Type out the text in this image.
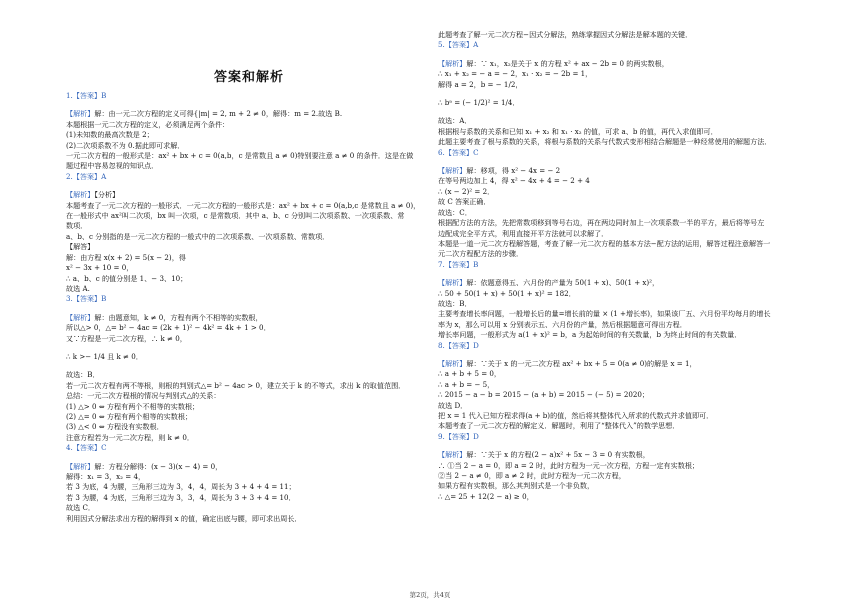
答案和解析
1.【答案】B
【解析】解：由一元二次方程的定义可得{|m| = 2, m + 2 ≠ 0，解得：m = 2.故选 B.
本题根据一元二次方程的定义，必须满足两个条件：
(1)未知数的最高次数是 2；
(2)二次项系数不为 0.据此即可求解．
一元二次方程的一般形式是：ax² + bx + c = 0(a,b，c 是常数且 a ≠ 0)特别要注意 a ≠ 0 的条件．这是在做
题过程中容易忽视的知识点．
2.【答案】A
【解析】【分析】
本题考查了一元二次方程的一般形式．一元二次方程的一般形式是：ax² + bx + c = 0(a,b,c 是常数且 a ≠ 0)，
在一般形式中 ax²叫二次项，bx 叫一次项，c 是常数项．其中 a、b、c 分别叫二次项系数、一次项系数、常
数项．
a、b、c 分别指的是一元二次方程的一般式中的二次项系数、一次项系数、常数项．
【解答】
解：由方程 x(x + 2) = 5(x − 2)，得
x² − 3x + 10 = 0，
∴ a、b、c 的值分别是 1、− 3、10；
故选 A.
3.【答案】B
【解析】解：由题意知，k ≠ 0，方程有两个不相等的实数根，
所以△> 0，△= b² − 4ac = (2k + 1)² − 4k² = 4k + 1 > 0．
又∵方程是一元二次方程，∴ k ≠ 0，
∴ k >− 1/4 且 k ≠ 0．
故选：B．
若一元二次方程有两不等根，则根的判别式△= b² − 4ac > 0，建立关于 k 的不等式，求出 k 的取值范围．
总结：一元二次方程根的情况与判别式△的关系：
(1) △> 0 ⇔ 方程有两个不相等的实数根；
(2) △= 0 ⇔ 方程有两个相等的实数根；
(3) △< 0 ⇔ 方程没有实数根．
注意方程若为一元二次方程，则 k ≠ 0．
4.【答案】C
【解析】解：方程分解得：(x − 3)(x − 4) = 0，
解得：x₁ = 3，x₂ = 4，
若 3 为底，4 为腰，三角形三边为 3，4，4，周长为 3 + 4 + 4 = 11；
若 3 为腰，4 为底，三角形三边为 3，3，4，周长为 3 + 3 + 4 = 10．
故选 C．
利用因式分解法求出方程的解得到 x 的值，确定出底与腰，即可求出周长．
此题考查了解一元二次方程−因式分解法，熟练掌握因式分解法是解本题的关键．
5.【答案】A
【解析】解：∵ x₁，x₂是关于 x 的方程 x² + ax − 2b = 0 的两实数根，
∴ x₁ + x₂ = − a = − 2，x₁ · x₂ = − 2b = 1，
解得 a = 2，b = − 1/2，
∴ bᵃ = (− 1/2)² = 1/4．
故选：A．
根据根与系数的关系和已知 x₁ + x₂ 和 x₁ · x₂ 的值，可求 a、b 的值，再代入求值即可．
此题主要考查了根与系数的关系，将根与系数的关系与代数式变形相结合解题是一种经常使用的解题方法．
6.【答案】C
【解析】解：移项，得 x² − 4x = − 2
在等号两边加上 4，得 x² − 4x + 4 = − 2 + 4
∴ (x − 2)² = 2．
故 C 答案正确．
故选：C．
根据配方法的方法，先把常数项移到等号右边，再在两边同时加上一次项系数一半的平方，最后将等号左
边配成完全平方式，利用直接开平方法就可以求解了．
本题是一道一元二次方程解答题，考查了解一元二次方程的基本方法−配方法的运用，解答过程注意解答一
元二次方程配方法的步骤．
7.【答案】B
【解析】解：依题意得五、六月份的产量为 50(1 + x)、50(1 + x)²，
∴ 50 + 50(1 + x) + 50(1 + x)² = 182．
故选：B．
主要考查增长率问题，一般增长后的量=增长前的量 × (1 +增长率)，如果该厂五、六月份平均每月的增长
率为 x，那么可以用 x 分别表示五、六月份的产量，然后根据题意可得出方程．
增长率问题，一般形式为 a(1 + x)² = b，a 为起始时间的有关数量，b 为终止时间的有关数量．
8.【答案】D
【解析】解：∵关于 x 的一元二次方程 ax² + bx + 5 = 0(a ≠ 0)的解是 x = 1，
∴ a + b + 5 = 0，
∴ a + b = − 5，
∴ 2015 − a − b = 2015 − (a + b) = 2015 − (− 5) = 2020；
故选 D．
把 x = 1 代入已知方程求得(a + b)的值，然后将其整体代入所求的代数式并求值即可．
本题考查了一元二次方程的解定义．解题时，利用了“整体代入”的数学思想．
9.【答案】D
【解析】解：∵关于 x 的方程(2 − a)x² + 5x − 3 = 0 有实数根，
∴ ①当 2 − a = 0，即 a = 2 时，此时方程为一元一次方程，方程一定有实数根；
②当 2 − a ≠ 0，即 a ≠ 2 时，此时方程为一元二次方程，
如果方程有实数根，那么其判别式是一个非负数，
∴ △= 25 + 12(2 − a) ≥ 0，
第2页，共4页
